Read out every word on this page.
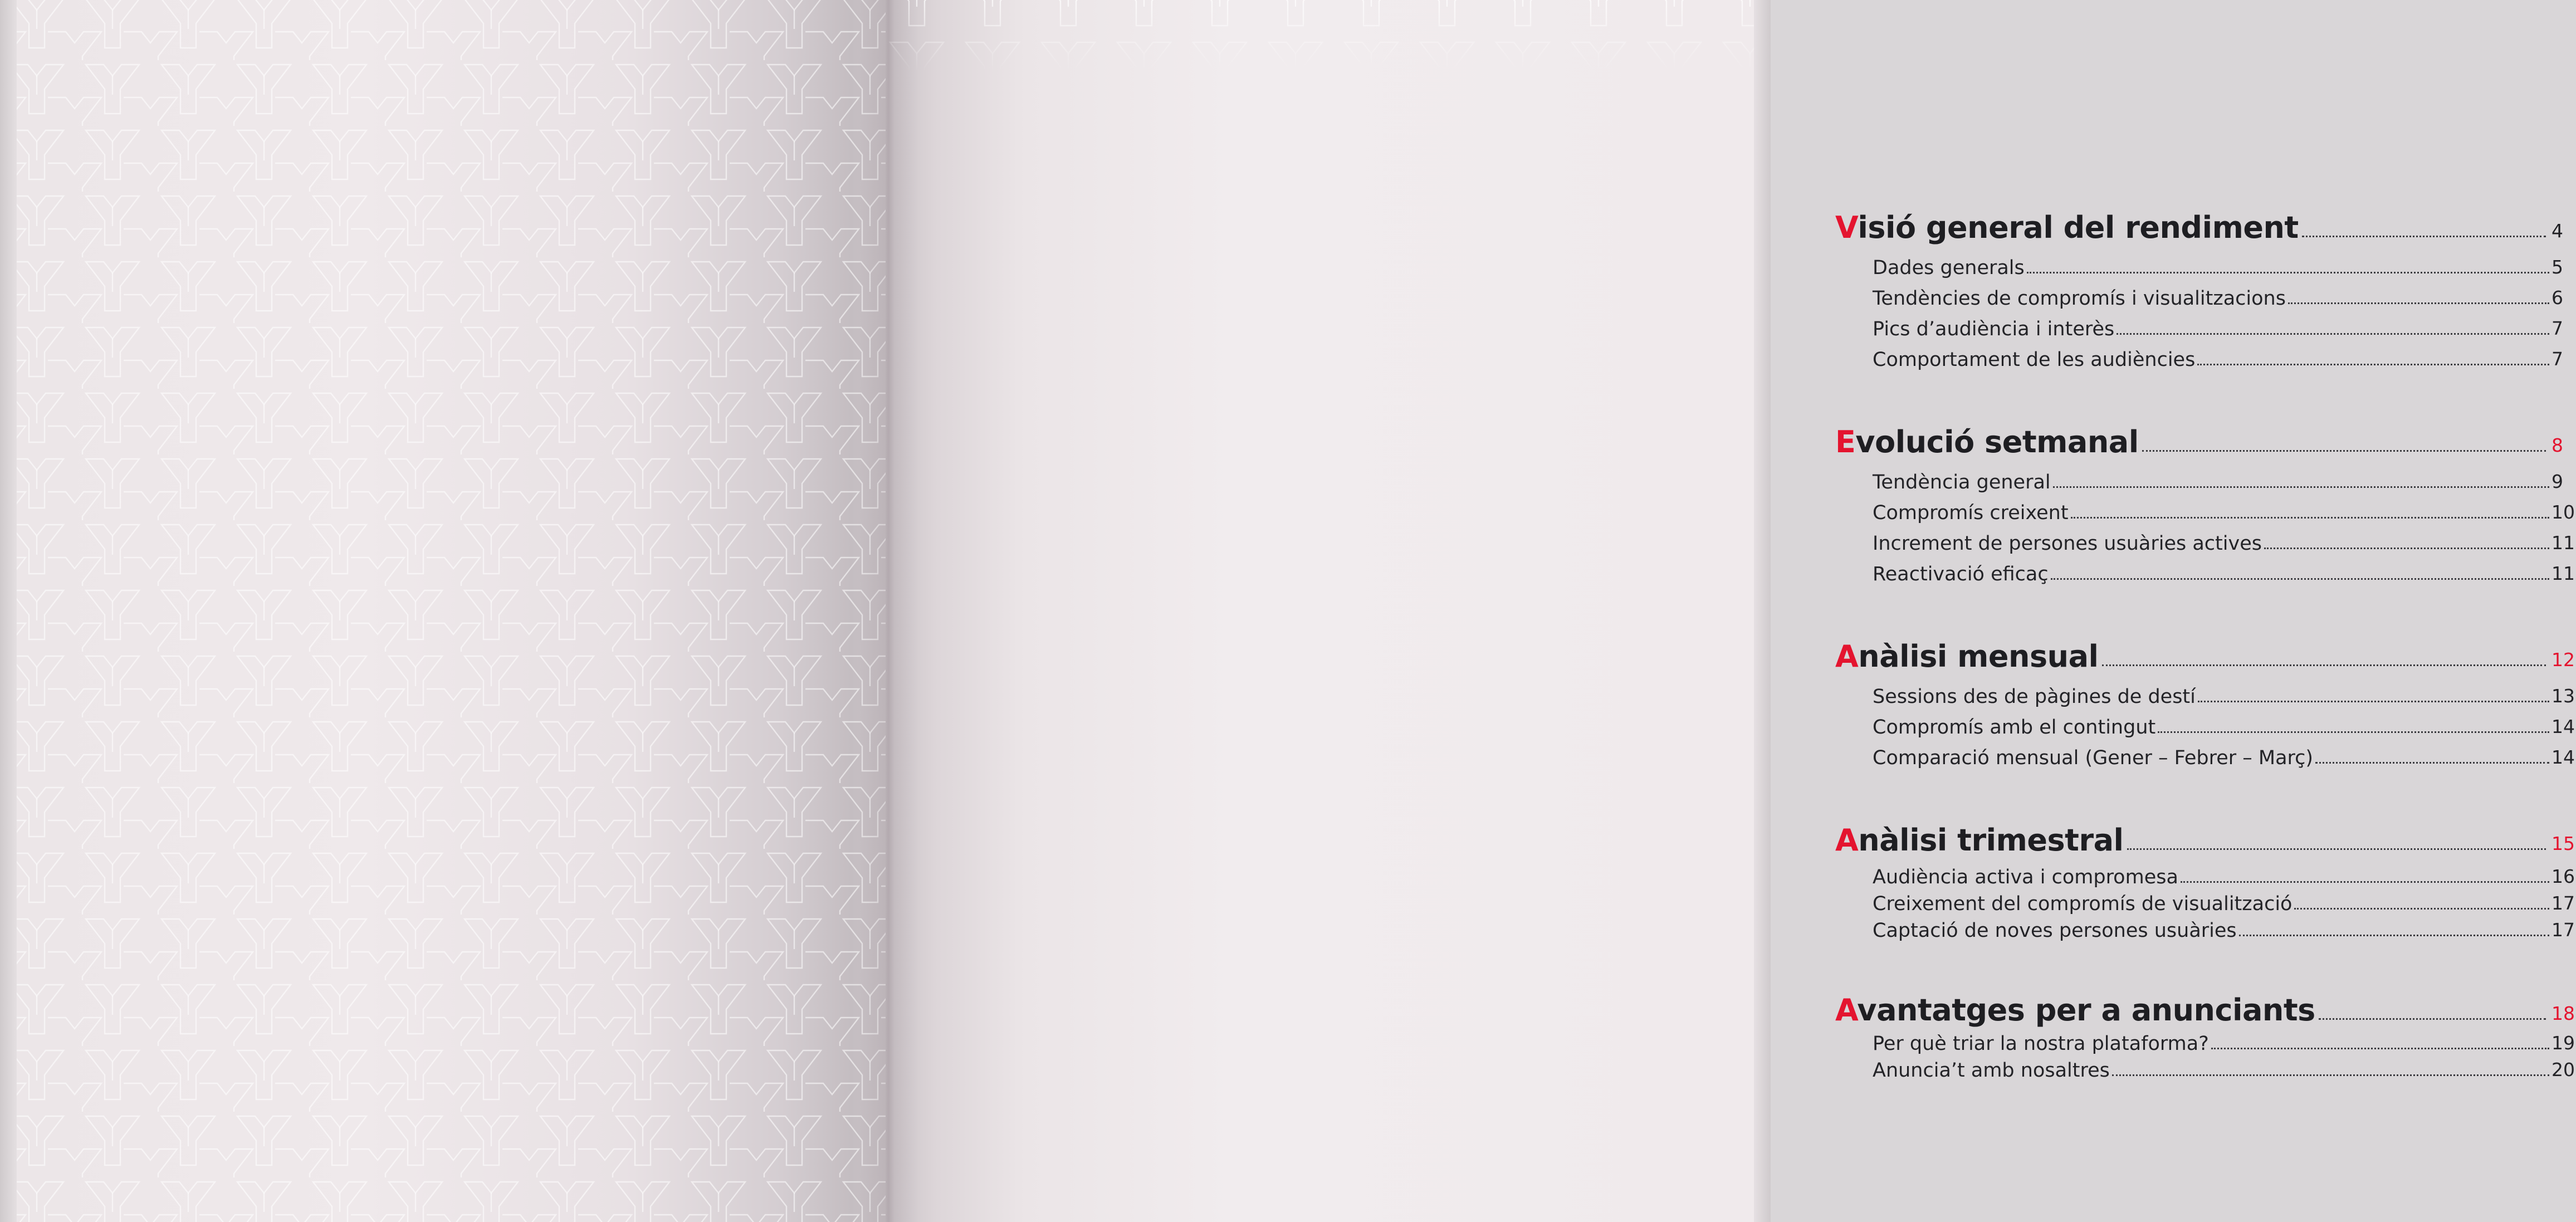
Visió general del rendiment	4
Dades generals	5
Tendències de compromís i visualitzacions	6
Pics d’audiència i interès	7
Comportament de les audiències	7
Evolució setmanal	8
Tendència general	9
Compromís creixent	10
Increment de persones usuàries actives	11
Reactivació eficaç	11
Anàlisi mensual	12
Sessions des de pàgines de destí	13
Compromís amb el contingut	14
Comparació mensual (Gener – Febrer – Març)	14
Anàlisi trimestral	15
Audiència activa i compromesa	16
Creixement del compromís de visualització	17
Captació de noves persones usuàries	17
Avantatges per a anunciants	18
Per què triar la nostra plataforma?	19
Anuncia’t amb nosaltres	20
